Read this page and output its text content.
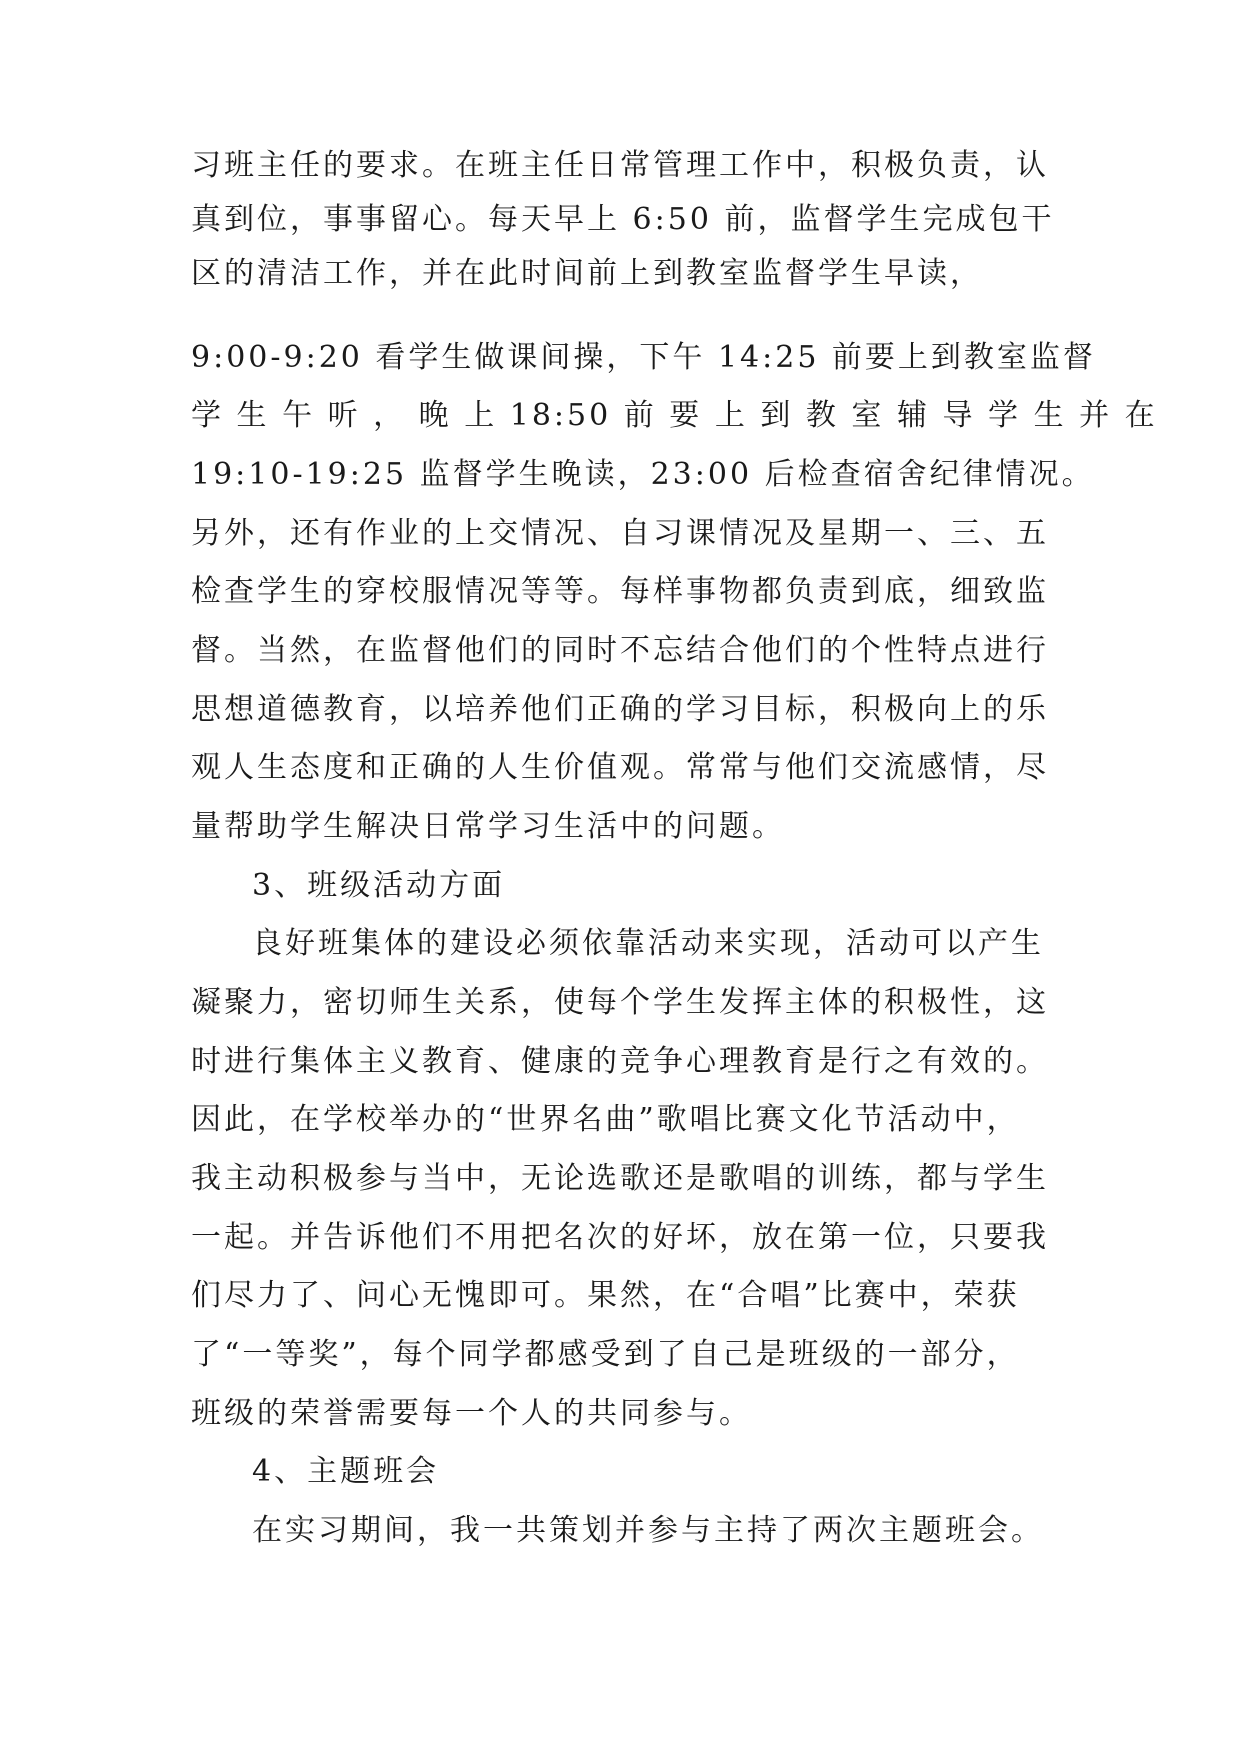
习班主任的要求。在班主任日常管理工作中，积极负责，认
真到位，事事留心。每天早上 6:50 前，监督学生完成包干
区的清洁工作，并在此时间前上到教室监督学生早读，
9:00-9:20 看学生做课间操，下午 14:25 前要上到教室监督
学 生 午 听 ， 晚 上 18:50 前 要 上 到 教 室 辅 导 学 生 并 在
19:10-19:25 监督学生晚读，23:00 后检查宿舍纪律情况。
另外，还有作业的上交情况、自习课情况及星期一、三、五
检查学生的穿校服情况等等。每样事物都负责到底，细致监
督。当然，在监督他们的同时不忘结合他们的个性特点进行
思想道德教育，以培养他们正确的学习目标，积极向上的乐
观人生态度和正确的人生价值观。常常与他们交流感情，尽
量帮助学生解决日常学习生活中的问题。
3、班级活动方面
良好班集体的建设必须依靠活动来实现，活动可以产生
凝聚力，密切师生关系，使每个学生发挥主体的积极性，这
时进行集体主义教育、健康的竞争心理教育是行之有效的。
因此，在学校举办的“世界名曲”歌唱比赛文化节活动中，
我主动积极参与当中，无论选歌还是歌唱的训练，都与学生
一起。并告诉他们不用把名次的好坏，放在第一位，只要我
们尽力了、问心无愧即可。果然，在“合唱”比赛中，荣获
了“一等奖”，每个同学都感受到了自己是班级的一部分，
班级的荣誉需要每一个人的共同参与。
4、主题班会
在实习期间，我一共策划并参与主持了两次主题班会。
